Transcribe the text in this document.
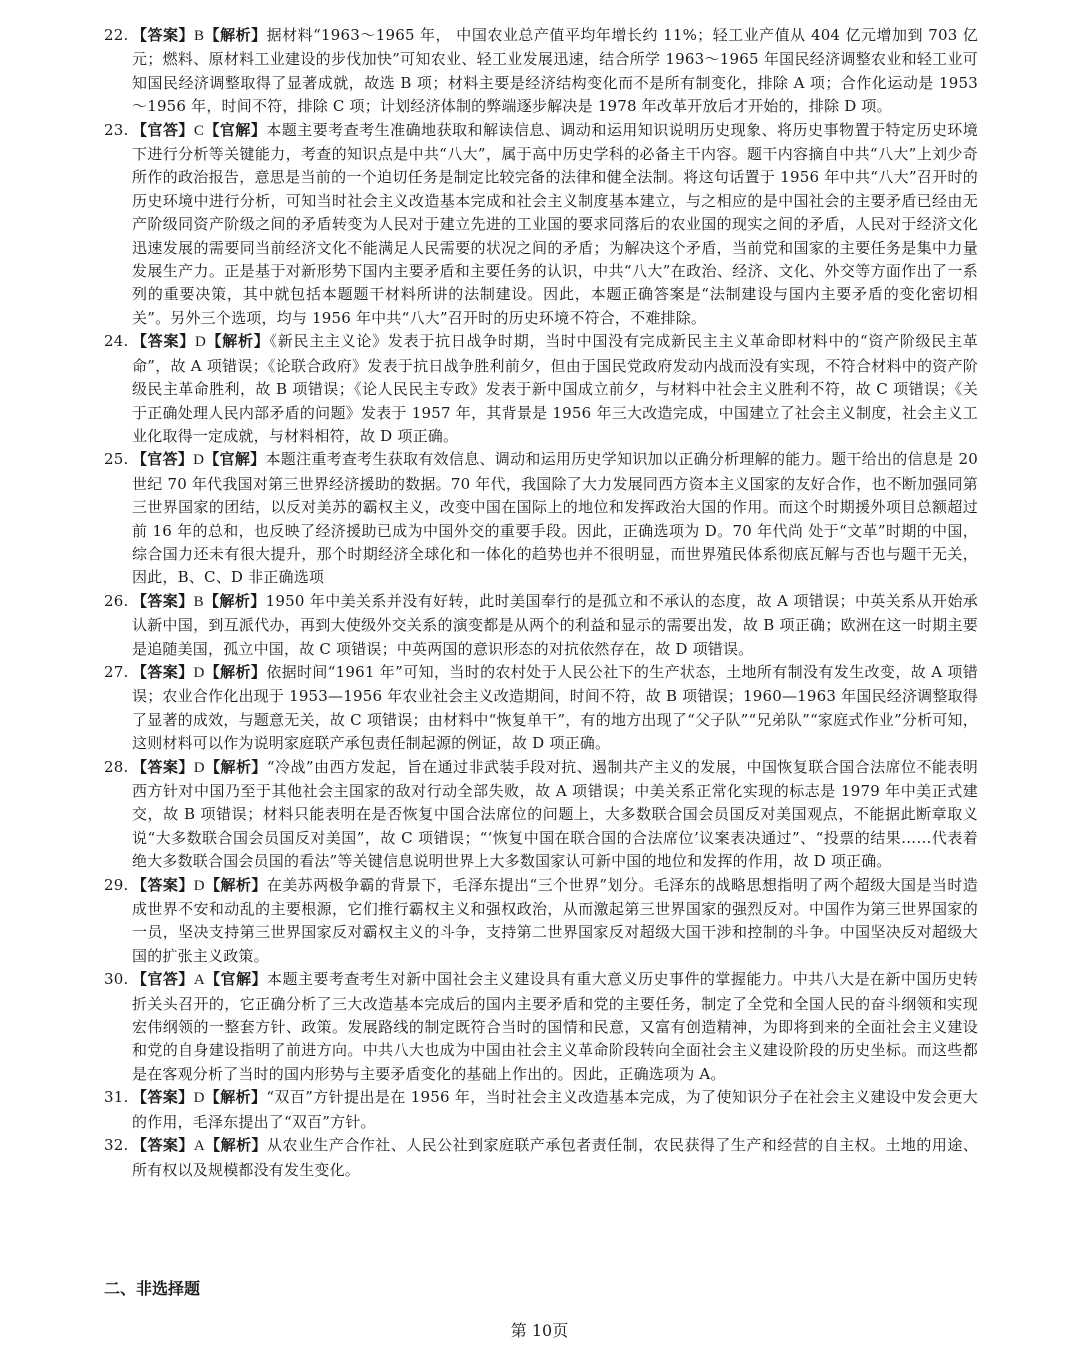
22. 【答案】B【解析】据材料“1963～1965 年， 中国农业总产值平均年增长约 11%；轻工业产值从 404 亿元增加到 703 亿元；燃料、原材料工业建设的步伐加快”可知农业、轻工业发展迅速，结合所学 1963～1965 年国民经济调整农业和轻工业可知国民经济调整取得了显著成就，故选 B 项；材料主要是经济结构变化而不是所有制变化，排除 A 项；合作化运动是 1953～1956 年，时间不符，排除 C 项；计划经济体制的弊端逐步解决是 1978 年改革开放后才开始的，排除 D 项。

23. 【官答】C【官解】本题主要考查考生准确地获取和解读信息、调动和运用知识说明历史现象、将历史事物置于特定历史环境下进行分析等关键能力，考查的知识点是中共“八大”，属于高中历史学科的必备主干内容。题干内容摘自中共“八大”上刘少奇所作的政治报告，意思是当前的一个迫切任务是制定比较完备的法律和健全法制。将这句话置于 1956 年中共“八大”召开时的历史环境中进行分析，可知当时社会主义改造基本完成和社会主义制度基本建立，与之相应的是中国社会的主要矛盾已经由无产阶级同资产阶级之间的矛盾转变为人民对于建立先进的工业国的要求同落后的农业国的现实之间的矛盾，人民对于经济文化迅速发展的需要同当前经济文化不能满足人民需要的状况之间的矛盾；为解决这个矛盾，当前党和国家的主要任务是集中力量发展生产力。正是基于对新形势下国内主要矛盾和主要任务的认识，中共“八大”在政治、经济、文化、外交等方面作出了一系列的重要决策，其中就包括本题题干材料所讲的法制建设。因此，本题正确答案是“法制建设与国内主要矛盾的变化密切相关”。另外三个选项，均与 1956 年中共“八大”召开时的历史环境不符合，不难排除。

24. 【答案】D【解析】《新民主主义论》发表于抗日战争时期，当时中国没有完成新民主主义革命即材料中的“资产阶级民主革命”，故 A 项错误；《论联合政府》发表于抗日战争胜利前夕，但由于国民党政府发动内战而没有实现，不符合材料中的资产阶级民主革命胜利，故 B 项错误；《论人民民主专政》发表于新中国成立前夕，与材料中社会主义胜利不符，故 C 项错误；《关于正确处理人民内部矛盾的问题》发表于 1957 年，其背景是 1956 年三大改造完成，中国建立了社会主义制度，社会主义工业化取得一定成就，与材料相符，故 D 项正确。

25. 【官答】D【官解】本题注重考查考生获取有效信息、调动和运用历史学知识加以正确分析理解的能力。题干给出的信息是 20 世纪 70 年代我国对第三世界经济援助的数据。70 年代，我国除了大力发展同西方资本主义国家的友好合作，也不断加强同第三世界国家的团结，以反对美苏的霸权主义，改变中国在国际上的地位和发挥政治大国的作用。而这个时期援外项目总额超过前 16 年的总和，也反映了经济援助已成为中国外交的重要手段。因此，正确选项为 D。70 年代尚 处于“文革”时期的中国，综合国力还未有很大提升，那个时期经济全球化和一体化的趋势也并不很明显，而世界殖民体系彻底瓦解与否也与题干无关，因此，B、C、D 非正确选项

26. 【答案】B【解析】1950 年中美关系并没有好转，此时美国奉行的是孤立和不承认的态度，故 A 项错误；中英关系从开始承认新中国，到互派代办，再到大使级外交关系的演变都是从两个的利益和显示的需要出发，故 B 项正确；欧洲在这一时期主要是追随美国，孤立中国，故 C 项错误；中英两国的意识形态的对抗依然存在，故 D 项错误。

27. 【答案】D【解析】依据时间“1961 年”可知，当时的农村处于人民公社下的生产状态，土地所有制没有发生改变，故 A 项错误；农业合作化出现于 1953—1956 年农业社会主义改造期间，时间不符，故 B 项错误；1960—1963 年国民经济调整取得了显著的成效，与题意无关，故 C 项错误；由材料中“恢复单干”，有的地方出现了“父子队”“兄弟队”“家庭式作业”分析可知，这则材料可以作为说明家庭联产承包责任制起源的例证，故 D 项正确。

28. 【答案】D【解析】“冷战”由西方发起，旨在通过非武装手段对抗、遏制共产主义的发展，中国恢复联合国合法席位不能表明西方针对中国乃至于其他社会主国家的敌对行动全部失败，故 A 项错误；中美关系正常化实现的标志是 1979 年中美正式建交，故 B 项错误；材料只能表明在是否恢复中国合法席位的问题上，大多数联合国会员国反对美国观点，不能据此断章取义说“大多数联合国会员国反对美国”，故 C 项错误；“‘恢复中国在联合国的合法席位’议案表决通过”、“投票的结果……代表着绝大多数联合国会员国的看法”等关键信息说明世界上大多数国家认可新中国的地位和发挥的作用，故 D 项正确。

29. 【答案】D【解析】在美苏两极争霸的背景下，毛泽东提出“三个世界”划分。毛泽东的战略思想指明了两个超级大国是当时造成世界不安和动乱的主要根源，它们推行霸权主义和强权政治，从而激起第三世界国家的强烈反对。中国作为第三世界国家的一员，坚决支持第三世界国家反对霸权主义的斗争，支持第二世界国家反对超级大国干涉和控制的斗争。中国坚决反对超级大国的扩张主义政策。

30. 【官答】A【官解】本题主要考查考生对新中国社会主义建设具有重大意义历史事件的掌握能力。中共八大是在新中国历史转折关头召开的，它正确分析了三大改造基本完成后的国内主要矛盾和党的主要任务，制定了全党和全国人民的奋斗纲领和实现宏伟纲领的一整套方针、政策。发展路线的制定既符合当时的国情和民意，又富有创造精神，为即将到来的全面社会主义建设和党的自身建设指明了前进方向。中共八大也成为中国由社会主义革命阶段转向全面社会主义建设阶段的历史坐标。而这些都是在客观分析了当时的国内形势与主要矛盾变化的基础上作出的。因此，正确选项为 A。

31. 【答案】D【解析】“双百”方针提出是在 1956 年，当时社会主义改造基本完成，为了使知识分子在社会主义建设中发会更大的作用，毛泽东提出了“双百”方针。

32. 【答案】A【解析】从农业生产合作社、人民公社到家庭联产承包者责任制，农民获得了生产和经营的自主权。土地的用途、所有权以及规模都没有发生变化。

二、非选择题
第 10页
